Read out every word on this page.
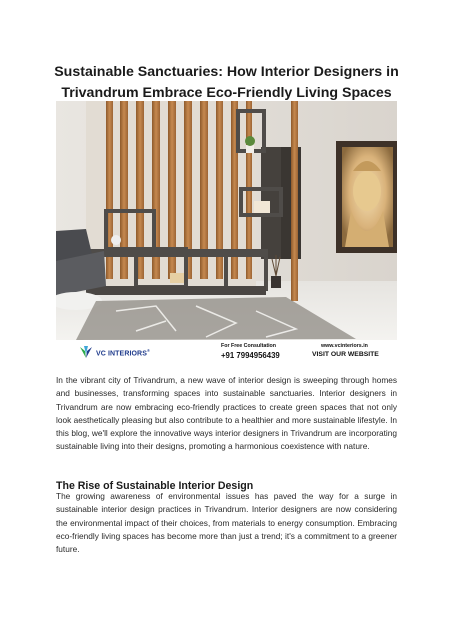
Sustainable Sanctuaries: How Interior Designers in Trivandrum Embrace Eco-Friendly Living Spaces
VC INTERIORS®
For Free Consultation
+91 7994956439
www.vcinteriors.in
VISIT OUR WEBSITE

In the vibrant city of Trivandrum, a new wave of interior design is sweeping through homes and businesses, transforming spaces into sustainable sanctuaries. Interior designers in Trivandrum are now embracing eco-friendly practices to create green spaces that not only look aesthetically pleasing but also contribute to a healthier and more sustainable lifestyle. In this blog, we'll explore the innovative ways interior designers in Trivandrum are incorporating sustainable living into their designs, promoting a harmonious coexistence with nature.

The Rise of Sustainable Interior Design

The growing awareness of environmental issues has paved the way for a surge in sustainable interior design practices in Trivandrum. Interior designers are now considering the environmental impact of their choices, from materials to energy consumption. Embracing eco-friendly living spaces has become more than just a trend; it's a commitment to a greener future.
